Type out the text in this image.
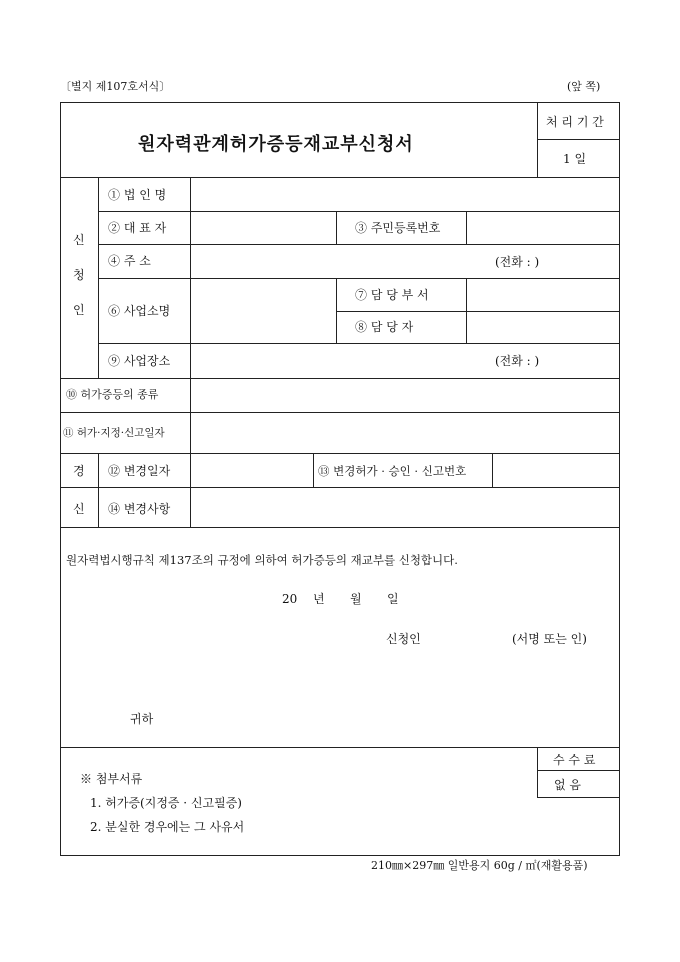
〔별지 제107호서식〕	(앞 쪽)
원자력관계허가증등재교부신청서
처 리 기 간
1 일
신
청
인
① 법 인 명
② 대 표 자	③ 주민등록번호
④ 주 소	(전화 : )
⑥ 사업소명
⑦ 담 당 부 서
⑧ 담 당 자
⑨ 사업장소	(전화 : )
⑩ 허가증등의 종류
⑪ 허가·지정·신고일자
경
신
⑫ 변경일자	⑬ 변경허가 · 승인 · 신고번호
⑭ 변경사항
원자력법시행규칙 제137조의 규정에 의하여 허가증등의 재교부를 신청합니다.
20 년 월 일
신청인	(서명 또는 인)
귀하
※ 첨부서류
1. 허가증(지정증 · 신고필증)
2. 분실한 경우에는 그 사유서
수 수 료
없 음
210㎜×297㎜ 일반용지 60g / ㎡(재활용품)
